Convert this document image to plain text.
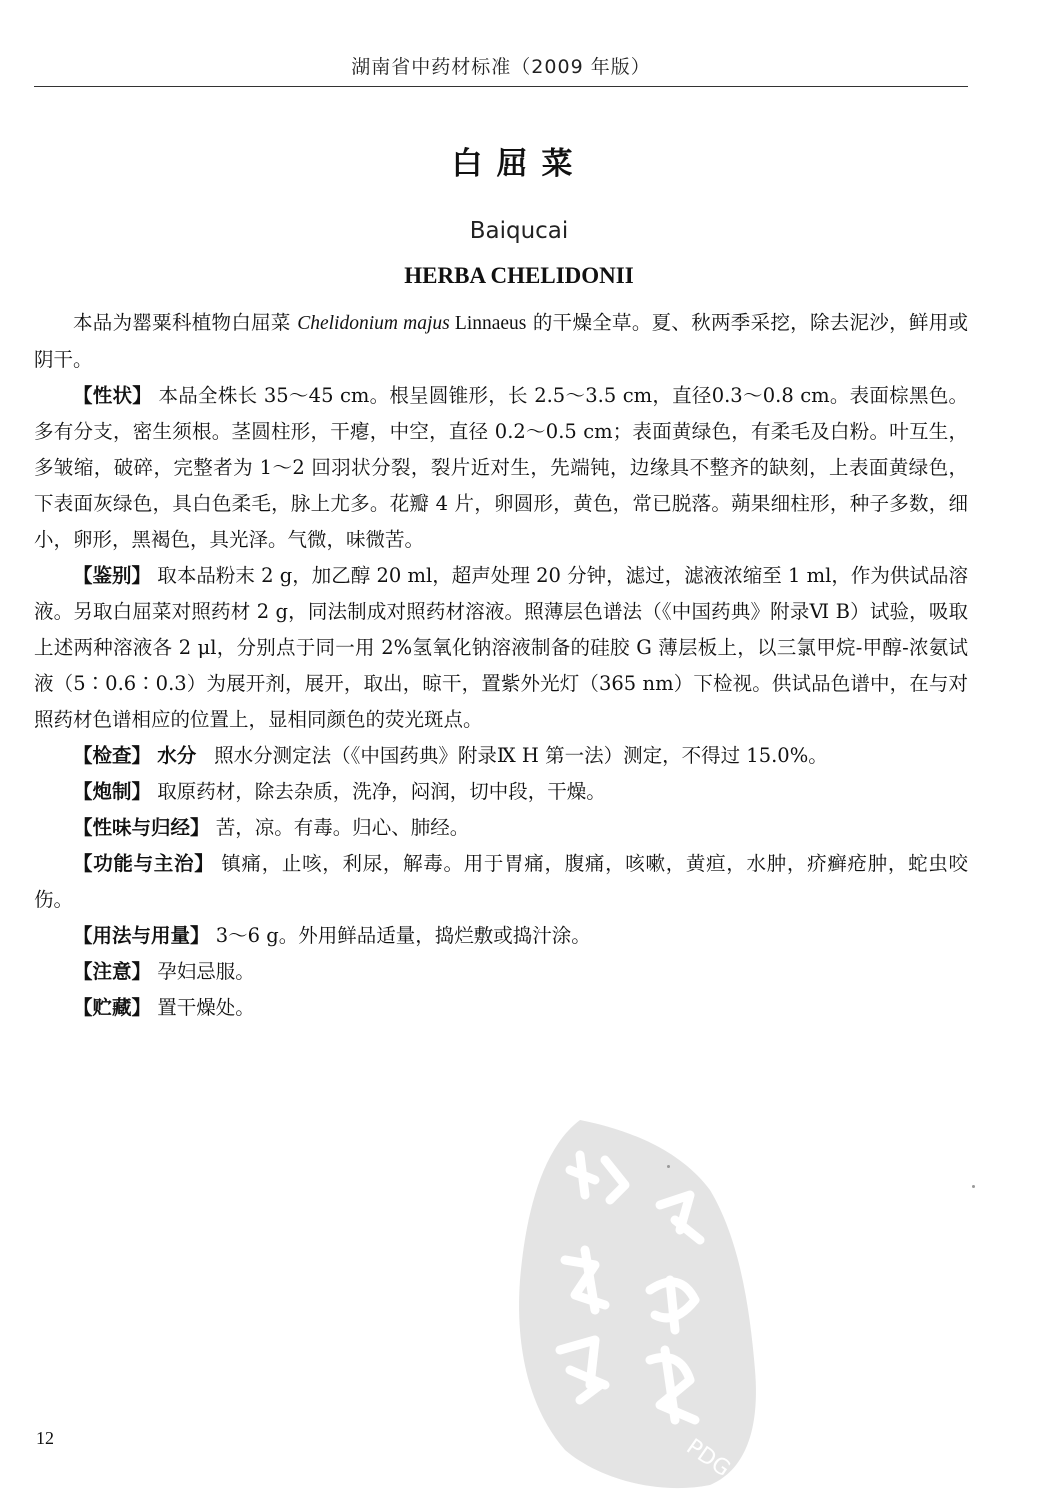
湖南省中药材标准（2009 年版）
白屈菜
Baiqucai
HERBA CHELIDONII

本品为罂粟科植物白屈菜 Chelidonium majus Linnaeus 的干燥全草。夏、秋两季采挖，除去泥沙，鲜用或阴干。

【性状】 本品全株长 35～45 cm。根呈圆锥形，长 2.5～3.5 cm，直径0.3～0.8 cm。表面棕黑色。多有分支，密生须根。茎圆柱形，干瘪，中空，直径 0.2～0.5 cm；表面黄绿色，有柔毛及白粉。叶互生，多皱缩，破碎，完整者为 1～2 回羽状分裂，裂片近对生，先端钝，边缘具不整齐的缺刻，上表面黄绿色，下表面灰绿色，具白色柔毛，脉上尤多。花瓣 4 片，卵圆形，黄色，常已脱落。蒴果细柱形，种子多数，细小，卵形，黑褐色，具光泽。气微，味微苦。

【鉴别】 取本品粉末 2 g，加乙醇 20 ml，超声处理 20 分钟，滤过，滤液浓缩至 1 ml，作为供试品溶液。另取白屈菜对照药材 2 g，同法制成对照药材溶液。照薄层色谱法（《中国药典》附录Ⅵ B）试验，吸取上述两种溶液各 2 μl，分别点于同一用 2%氢氧化钠溶液制备的硅胶 G 薄层板上，以三氯甲烷-甲醇-浓氨试液（5∶0.6∶0.3）为展开剂，展开，取出，晾干，置紫外光灯（365 nm）下检视。供试品色谱中，在与对照药材色谱相应的位置上，显相同颜色的荧光斑点。

【检查】 水分 照水分测定法（《中国药典》附录Ⅸ H 第一法）测定，不得过 15.0%。

【炮制】 取原药材，除去杂质，洗净，闷润，切中段，干燥。

【性味与归经】 苦，凉。有毒。归心、肺经。

【功能与主治】 镇痛，止咳，利尿，解毒。用于胃痛，腹痛，咳嗽，黄疸，水肿，疥癣疮肿，蛇虫咬伤。

【用法与用量】 3～6 g。外用鲜品适量，捣烂敷或捣汁涂。

【注意】 孕妇忌服。

【贮藏】 置干燥处。

PDG
12
